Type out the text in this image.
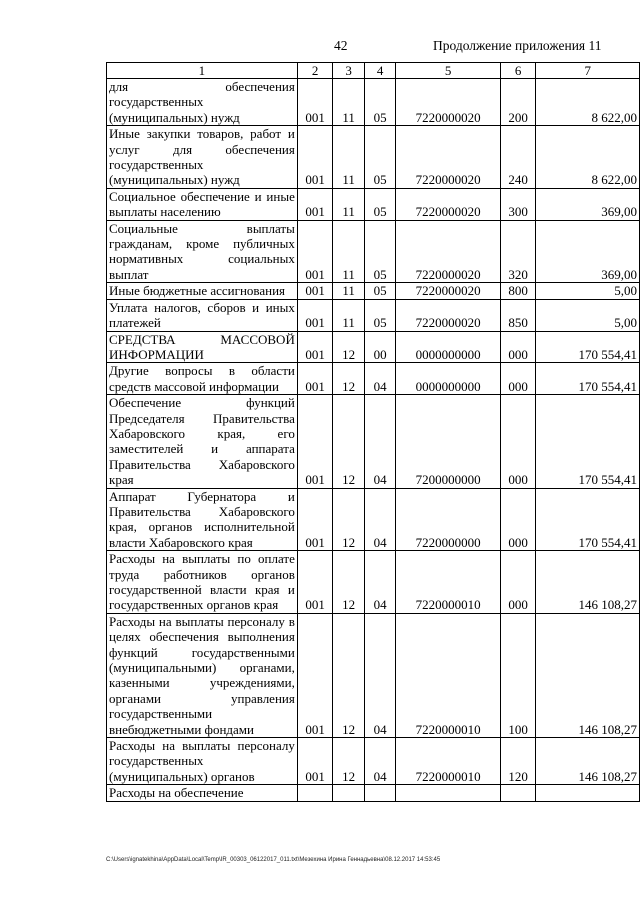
42	Продолжение приложения 11
1	2	3	4	5	6	7
для обеспечения государственных (муниципальных) нужд	001	11	05	7220000020	200	8 622,00
Иные закупки товаров, работ и услуг для обеспечения государственных (муниципальных) нужд	001	11	05	7220000020	240	8 622,00
Социальное обеспечение и иные выплаты населению	001	11	05	7220000020	300	369,00
Социальные выплаты гражданам, кроме публичных нормативных социальных выплат	001	11	05	7220000020	320	369,00
Иные бюджетные ассигнования	001	11	05	7220000020	800	5,00
Уплата налогов, сборов и иных платежей	001	11	05	7220000020	850	5,00
СРЕДСТВА МАССОВОЙ ИНФОРМАЦИИ	001	12	00	0000000000	000	170 554,41
Другие вопросы в области средств массовой информации	001	12	04	0000000000	000	170 554,41
Обеспечение функций Председателя Правительства Хабаровского края, его заместителей и аппарата Правительства Хабаровского края	001	12	04	7200000000	000	170 554,41
Аппарат Губернатора и Правительства Хабаровского края, органов исполнительной власти Хабаровского края	001	12	04	7220000000	000	170 554,41
Расходы на выплаты по оплате труда работников органов государственной власти края и государственных органов края	001	12	04	7220000010	000	146 108,27
Расходы на выплаты персоналу в целях обеспечения выполнения функций государственными (муниципальными) органами, казенными учреждениями, органами управления государственными внебюджетными фондами	001	12	04	7220000010	100	146 108,27
Расходы на выплаты персоналу государственных (муниципальных) органов	001	12	04	7220000010	120	146 108,27
Расходы на обеспечение						
C:\Users\ignatekhina\AppData\Local\Temp\IR_00303_06122017_011.txt\Мезехина Ирина Геннадьевна\08.12.2017 14:53:45
